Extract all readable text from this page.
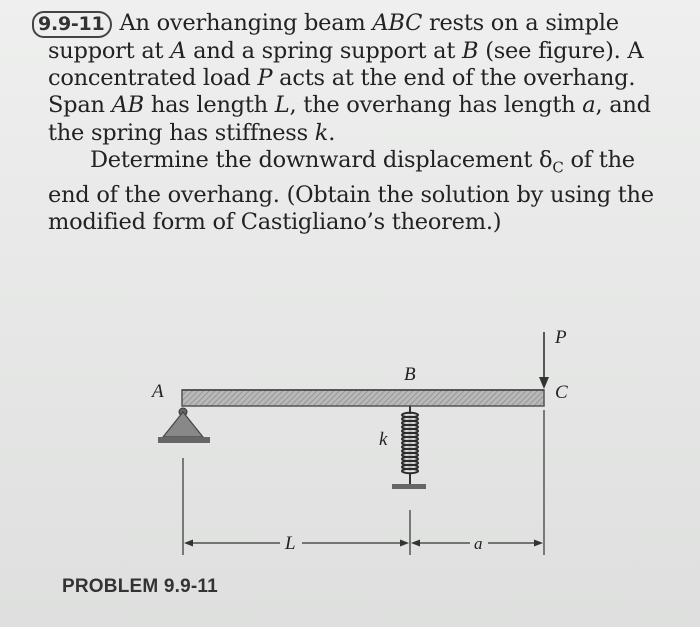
9.9-11 An overhanging beam ABC rests on a simple support at A and a spring support at B (see figure). A concentrated load P acts at the end of the overhang. Span AB has length L, the overhang has length a, and the spring has stiffness k.
Determine the downward displacement $\delta_C$ of the end of the overhang. (Obtain the solution by using the modified form of Castigliano’s theorem.)
A
B
C
P
k
L	a
PROBLEM 9.9-11
